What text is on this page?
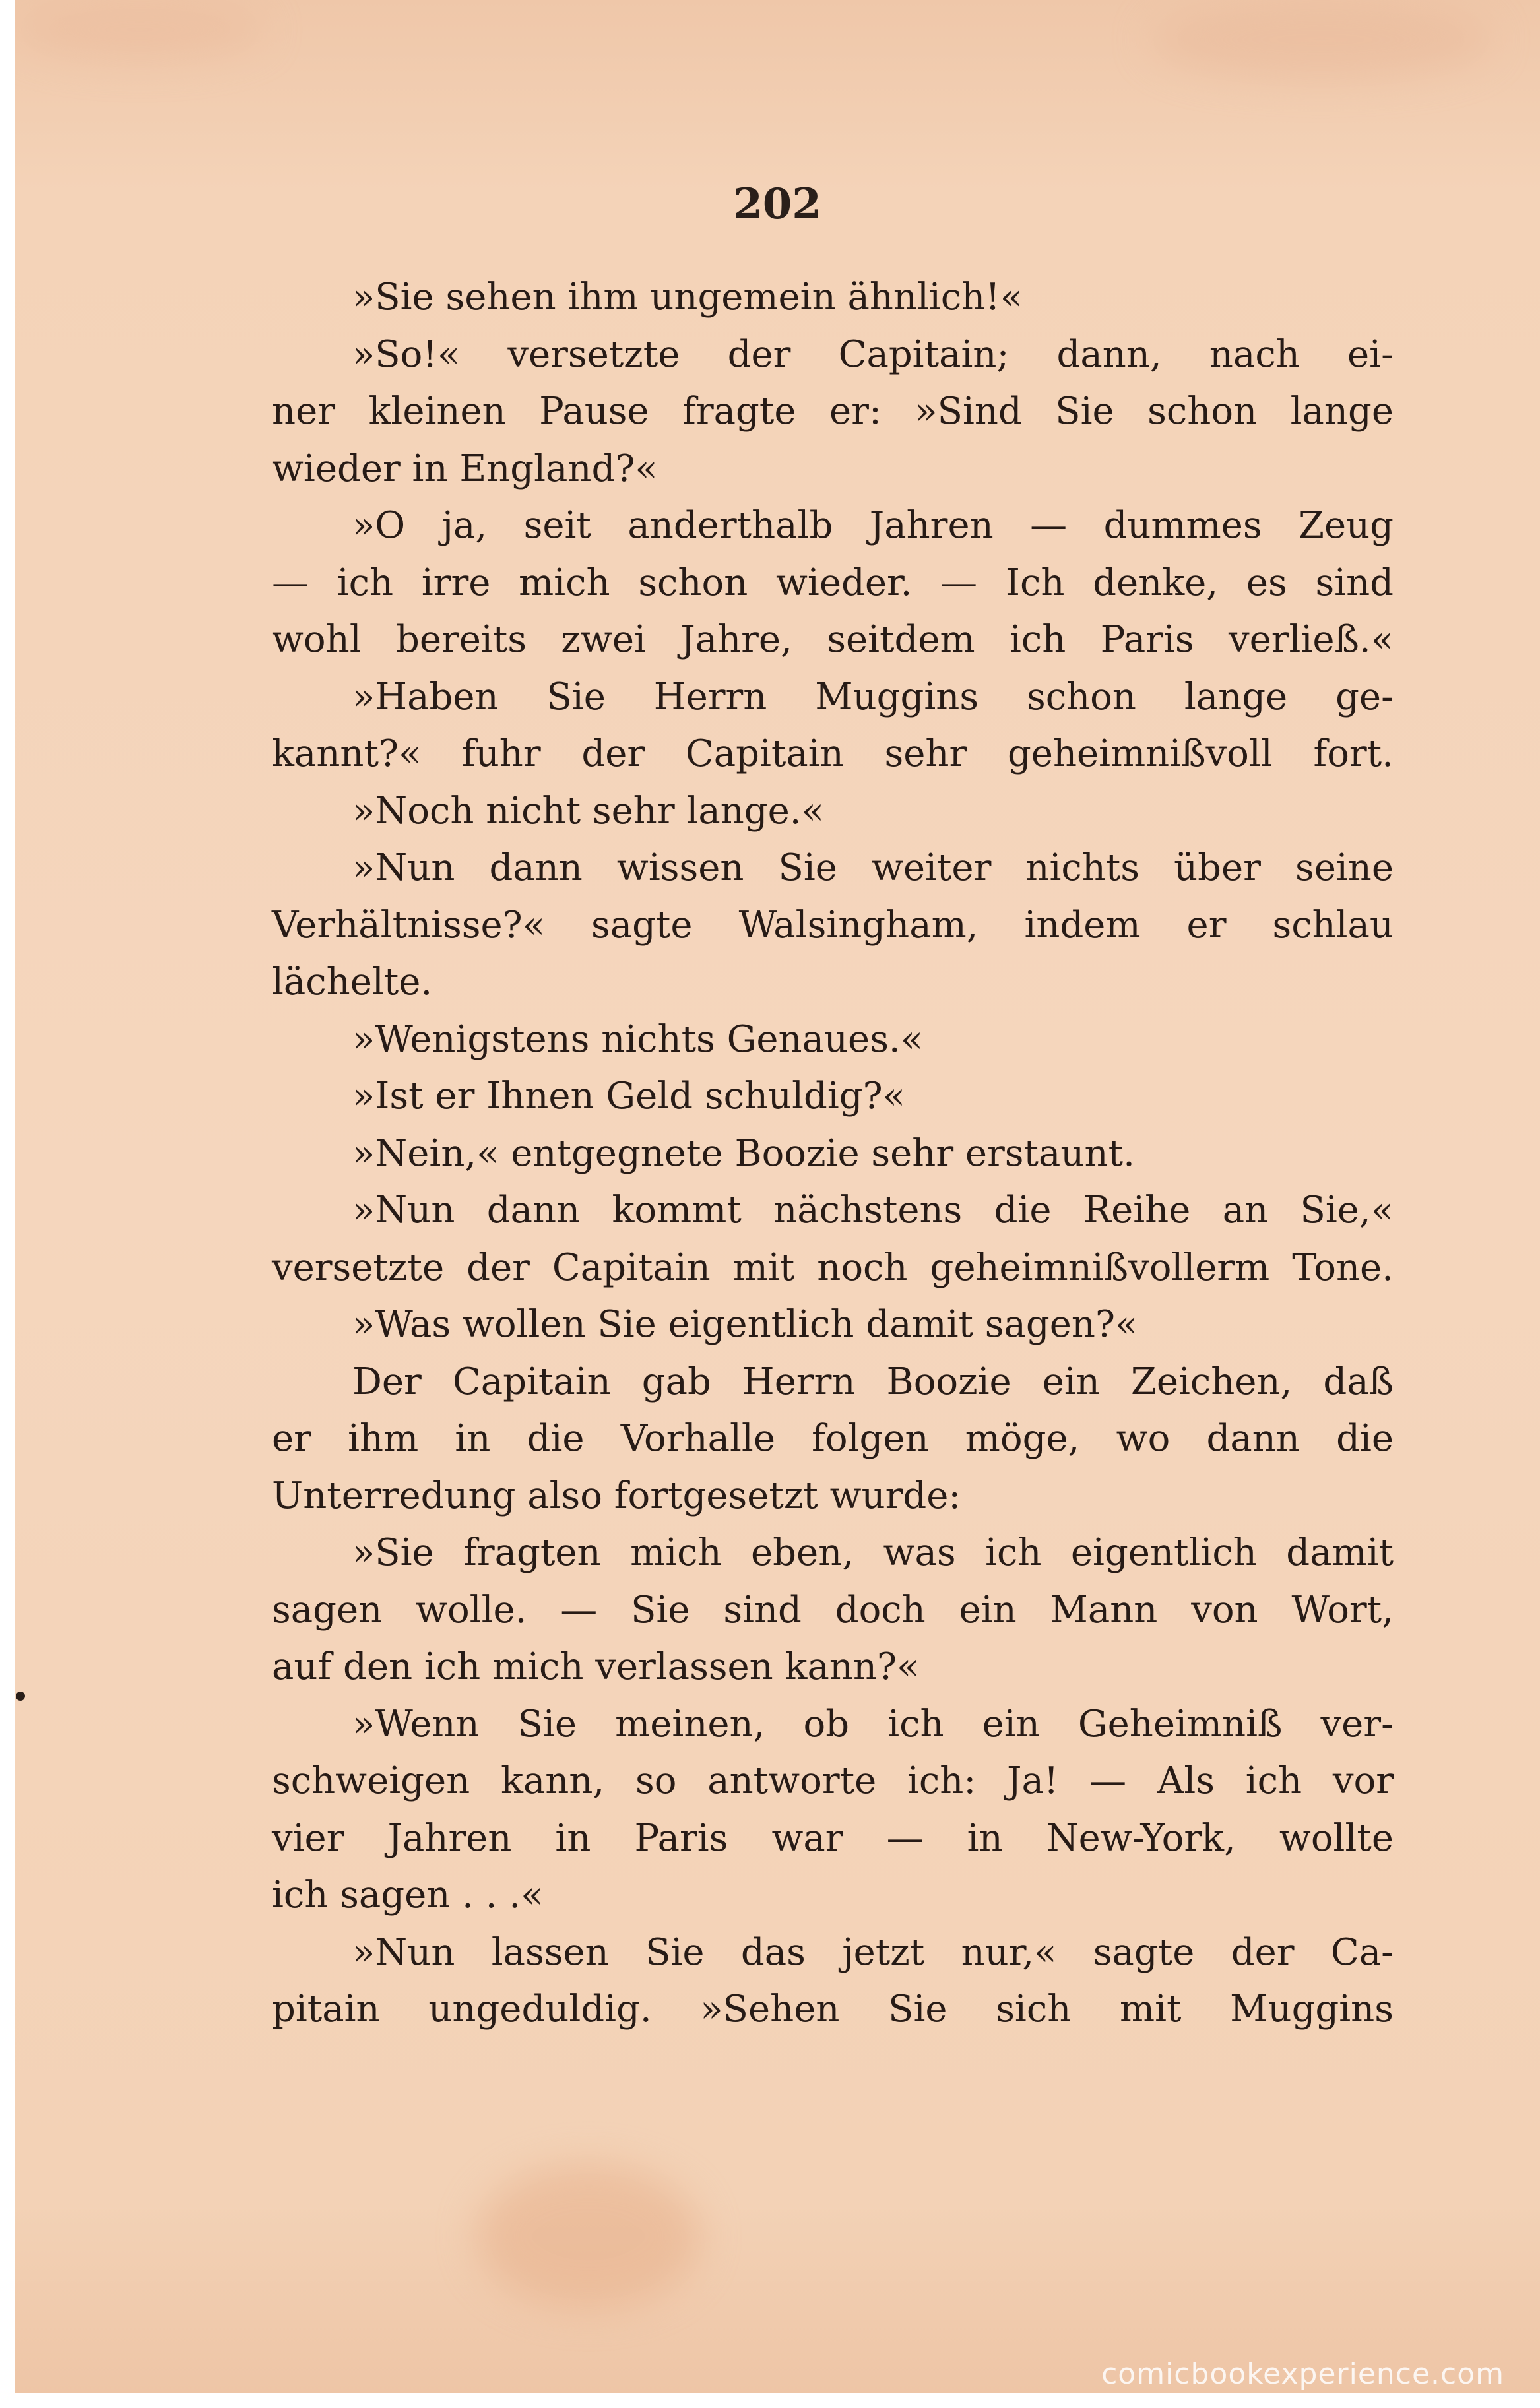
202
»Sie sehen ihm ungemein ähnlich!«
»So!« versetzte der Capitain; dann, nach ei-
ner kleinen Pause fragte er: »Sind Sie schon lange
wieder in England?«
»O ja, seit anderthalb Jahren — dummes Zeug
— ich irre mich schon wieder. — Ich denke, es sind
wohl bereits zwei Jahre, seitdem ich Paris verließ.«
»Haben Sie Herrn Muggins schon lange ge-
kannt?« fuhr der Capitain sehr geheimnißvoll fort.
»Noch nicht sehr lange.«
»Nun dann wissen Sie weiter nichts über seine
Verhältnisse?« sagte Walsingham, indem er schlau
lächelte.
»Wenigstens nichts Genaues.«
»Ist er Ihnen Geld schuldig?«
»Nein,« entgegnete Boozie sehr erstaunt.
»Nun dann kommt nächstens die Reihe an Sie,«
versetzte der Capitain mit noch geheimnißvollerm Tone.
»Was wollen Sie eigentlich damit sagen?«
Der Capitain gab Herrn Boozie ein Zeichen, daß
er ihm in die Vorhalle folgen möge, wo dann die
Unterredung also fortgesetzt wurde:
»Sie fragten mich eben, was ich eigentlich damit
sagen wolle. — Sie sind doch ein Mann von Wort,
auf den ich mich verlassen kann?«
»Wenn Sie meinen, ob ich ein Geheimniß ver-
schweigen kann, so antworte ich: Ja! — Als ich vor
vier Jahren in Paris war — in New-York, wollte
ich sagen . . .«
»Nun lassen Sie das jetzt nur,« sagte der Ca-
pitain ungeduldig. »Sehen Sie sich mit Muggins
comicbookexperience.com
